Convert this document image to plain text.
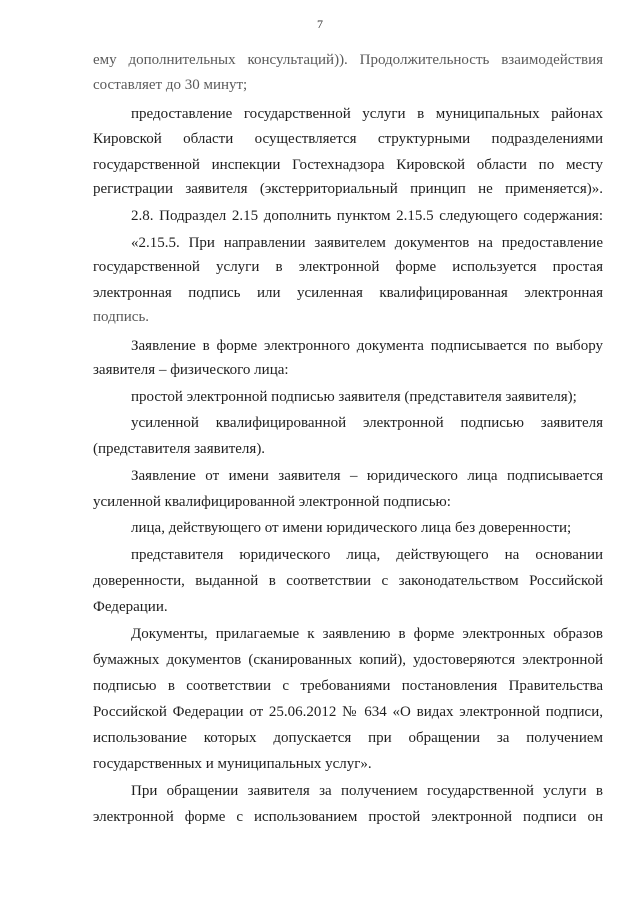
7
ему дополнительных консультаций)). Продолжительность взаимодействия
составляет до 30 минут;
предоставление государственной услуги в муниципальных районах
Кировской области осуществляется структурными подразделениями
государственной инспекции Гостехнадзора Кировской области по месту
регистрации заявителя (экстерриториальный принцип не применяется)».
2.8. Подраздел 2.15 дополнить пунктом 2.15.5 следующего содержания:
«2.15.5. При направлении заявителем документов на предоставление
государственной услуги в электронной форме используется простая
электронная подпись или усиленная квалифицированная электронная
подпись.
Заявление в форме электронного документа подписывается по выбору
заявителя – физического лица:
простой электронной подписью заявителя (представителя заявителя);
усиленной квалифицированной электронной подписью заявителя
(представителя заявителя).
Заявление от имени заявителя – юридического лица подписывается
усиленной квалифицированной электронной подписью:
лица, действующего от имени юридического лица без доверенности;
представителя юридического лица, действующего на основании
доверенности, выданной в соответствии с законодательством Российской
Федерации.
Документы, прилагаемые к заявлению в форме электронных образов
бумажных документов (сканированных копий), удостоверяются электронной
подписью в соответствии с требованиями постановления Правительства
Российской Федерации от 25.06.2012 № 634 «О видах электронной подписи,
использование которых допускается при обращении за получением
государственных и муниципальных услуг».
При обращении заявителя за получением государственной услуги в
электронной форме с использованием простой электронной подписи он
